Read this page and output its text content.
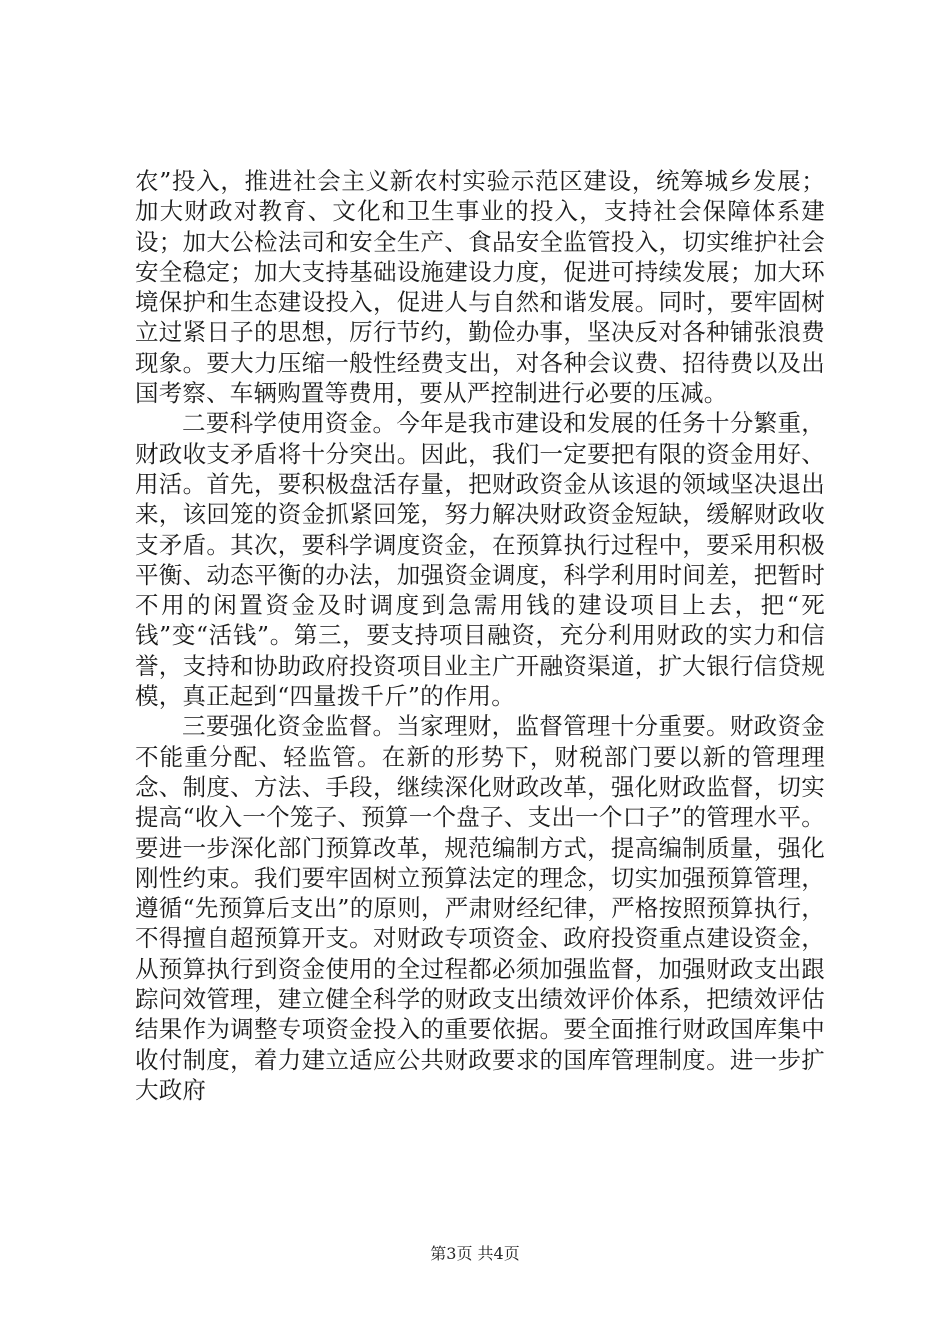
农”投入，推进社会主义新农村实验示范区建设，统筹城乡发展；加大财政对教育、文化和卫生事业的投入，支持社会保障体系建设；加大公检法司和安全生产、食品安全监管投入，切实维护社会安全稳定；加大支持基础设施建设力度，促进可持续发展；加大环境保护和生态建设投入，促进人与自然和谐发展。同时，要牢固树立过紧日子的思想，厉行节约，勤俭办事，坚决反对各种铺张浪费现象。要大力压缩一般性经费支出，对各种会议费、招待费以及出国考察、车辆购置等费用，要从严控制进行必要的压减。

二要科学使用资金。今年是我市建设和发展的任务十分繁重，财政收支矛盾将十分突出。因此，我们一定要把有限的资金用好、用活。首先，要积极盘活存量，把财政资金从该退的领域坚决退出来，该回笼的资金抓紧回笼，努力解决财政资金短缺，缓解财政收支矛盾。其次，要科学调度资金，在预算执行过程中，要采用积极平衡、动态平衡的办法，加强资金调度，科学利用时间差，把暂时不用的闲置资金及时调度到急需用钱的建设项目上去，把“死钱”变“活钱”。第三，要支持项目融资，充分利用财政的实力和信誉，支持和协助政府投资项目业主广开融资渠道，扩大银行信贷规模，真正起到“四量拨千斤”的作用。

三要强化资金监督。当家理财，监督管理十分重要。财政资金不能重分配、轻监管。在新的形势下，财税部门要以新的管理理念、制度、方法、手段，继续深化财政改革，强化财政监督，切实提高“收入一个笼子、预算一个盘子、支出一个口子”的管理水平。要进一步深化部门预算改革，规范编制方式，提高编制质量，强化刚性约束。我们要牢固树立预算法定的理念，切实加强预算管理，遵循“先预算后支出”的原则，严肃财经纪律，严格按照预算执行，不得擅自超预算开支。对财政专项资金、政府投资重点建设资金，从预算执行到资金使用的全过程都必须加强监督，加强财政支出跟踪问效管理，建立健全科学的财政支出绩效评价体系，把绩效评估结果作为调整专项资金投入的重要依据。要全面推行财政国库集中收付制度，着力建立适应公共财政要求的国库管理制度。进一步扩大政府

第3页 共4页
